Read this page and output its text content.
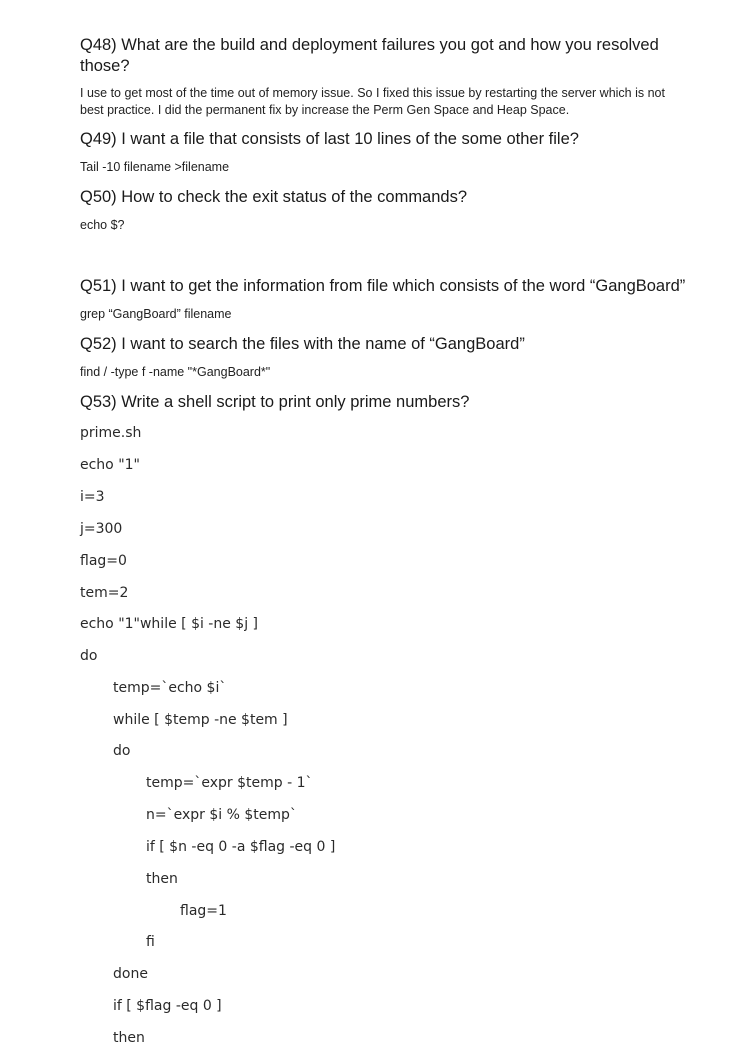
Q48) What are the build and deployment failures you got and how you resolved

those?

I use to get most of the time out of memory issue. So I fixed this issue by restarting the server which is not

best practice. I did the permanent fix by increase the Perm Gen Space and Heap Space.

Q49) I want a file that consists of last 10 lines of the some other file?

Tail -10 filename >filename

Q50) How to check the exit status of the commands?

echo $?

Q51) I want to get the information from file which consists of the word “GangBoard”

grep “GangBoard” filename

Q52) I want to search the files with the name of “GangBoard”

find / -type f -name "*GangBoard*"

Q53) Write a shell script to print only prime numbers?

prime.sh

echo "1"

i=3

j=300

flag=0

tem=2

echo "1"while [ $i -ne $j ]

do

temp=`echo $i`

while [ $temp -ne $tem ]

do

temp=`expr $temp - 1`

n=`expr $i % $temp`

if [ $n -eq 0 -a $flag -eq 0 ]

then

flag=1

fi

done

if [ $flag -eq 0 ]

then
